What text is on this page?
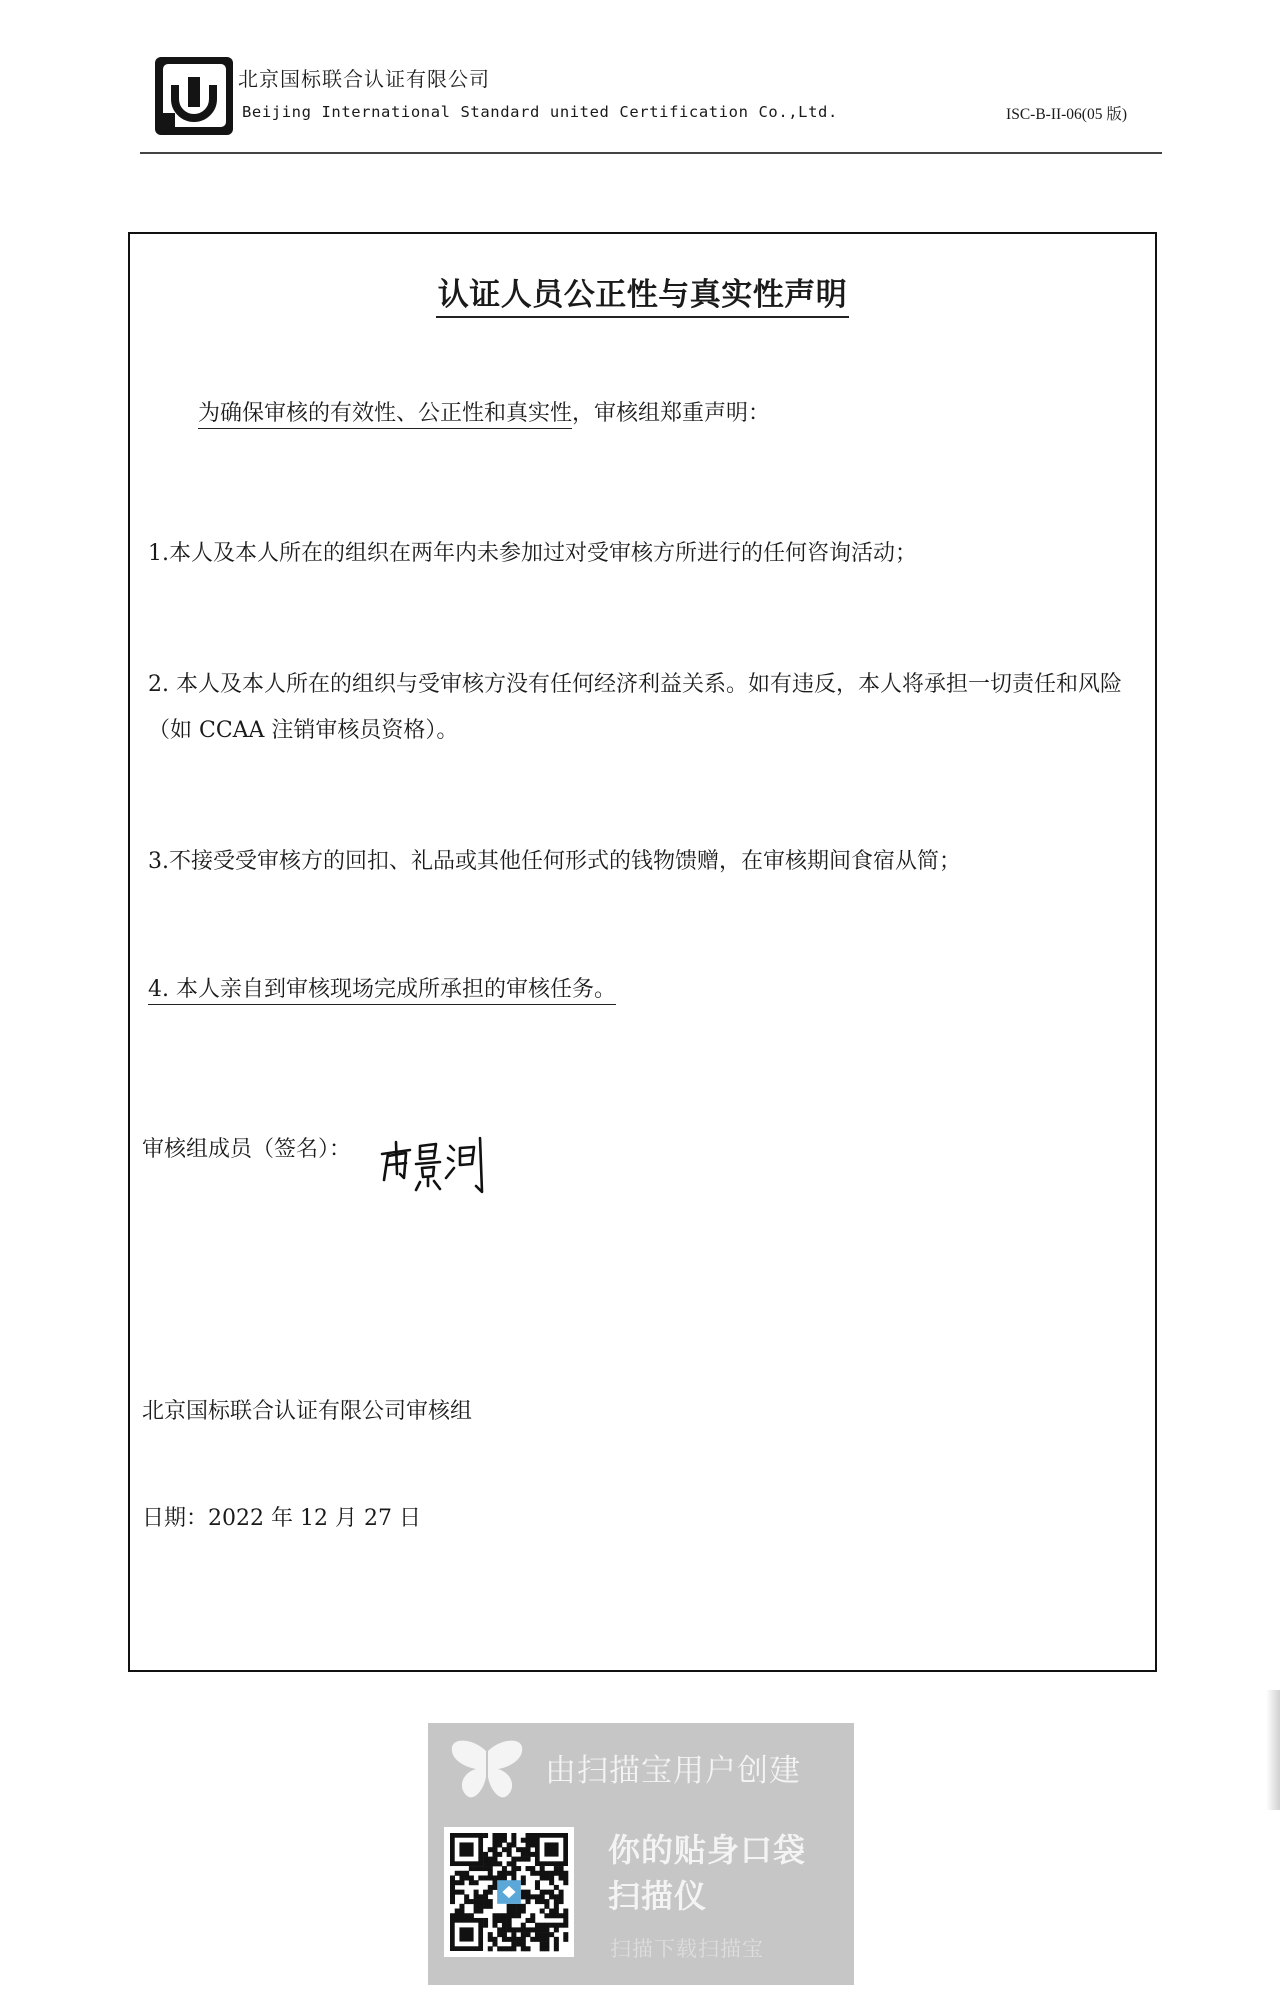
北京国标联合认证有限公司
Beijing International Standard united Certification Co.,Ltd.	ISC-B-II-06(05 版)
认证人员公正性与真实性声明
为确保审核的有效性、公正性和真实性，审核组郑重声明：
1.本人及本人所在的组织在两年内未参加过对受审核方所进行的任何咨询活动；
2. 本人及本人所在的组织与受审核方没有任何经济利益关系。如有违反，本人将承担一切责任和风险（如 CCAA 注销审核员资格）。
3.不接受受审核方的回扣、礼品或其他任何形式的钱物馈赠，在审核期间食宿从简；
4. 本人亲自到审核现场完成所承担的审核任务。
审核组成员（签名）：
北京国标联合认证有限公司审核组
日期：2022 年 12 月 27 日
由扫描宝用户创建
你的贴身口袋
扫描仪
扫描下载扫描宝
